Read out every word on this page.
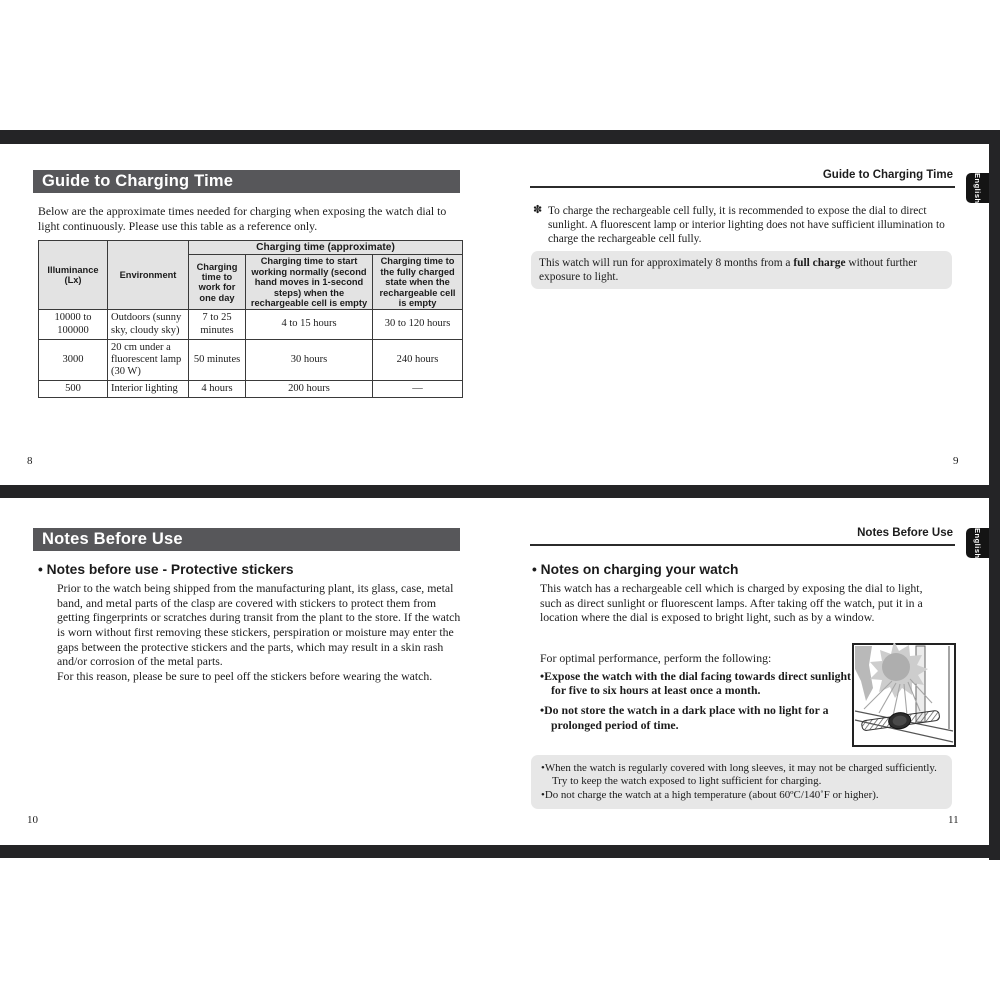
Guide to Charging Time
Below are the approximate times needed for charging when exposing the watch dial to light continuously. Please use this table as a reference only.
Illuminance (Lx)	Environment	Charging time (approximate)		
		Charging time to work for one day	Charging time to start working normally (second hand moves in 1-second steps) when the rechargeable cell is empty	Charging time to the fully charged state when the rechargeable cell is empty
10000 to 100000	Outdoors (sunny sky, cloudy sky)	7 to 25 minutes	4 to 15 hours	30 to 120 hours
3000	20 cm under a fluorescent lamp (30 W)	50 minutes	30 hours	240 hours
500	Interior lighting	4 hours	200 hours	—
8
Guide to Charging Time	English
✽ To charge the rechargeable cell fully, it is recommended to expose the dial to direct sunlight. A fluorescent lamp or interior lighting does not have sufficient illumination to charge the rechargeable cell fully.
This watch will run for approximately 8 months from a full charge without further exposure to light.
9
Notes Before Use
• Notes before use - Protective stickers
Prior to the watch being shipped from the manufacturing plant, its glass, case, metal band, and metal parts of the clasp are covered with stickers to protect them from getting fingerprints or scratches during transit from the plant to the store. If the watch is worn without first removing these stickers, perspiration or moisture may enter the gaps between the protective stickers and the parts, which may result in a skin rash and/or corrosion of the metal parts.
For this reason, please be sure to peel off the stickers before wearing the watch.
10
Notes Before Use	English
• Notes on charging your watch
This watch has a rechargeable cell which is charged by exposing the dial to light, such as direct sunlight or fluorescent lamps. After taking off the watch, put it in a location where the dial is exposed to bright light, such as by a window.
For optimal performance, perform the following:
• Expose the watch with the dial facing towards direct sunlight for five to six hours at least once a month.
• Do not store the watch in a dark place with no light for a prolonged period of time.
• When the watch is regularly covered with long sleeves, it may not be charged sufficiently. Try to keep the watch exposed to light sufficient for charging.
• Do not charge the watch at a high temperature (about 60ºC/140˚F or higher).
11
